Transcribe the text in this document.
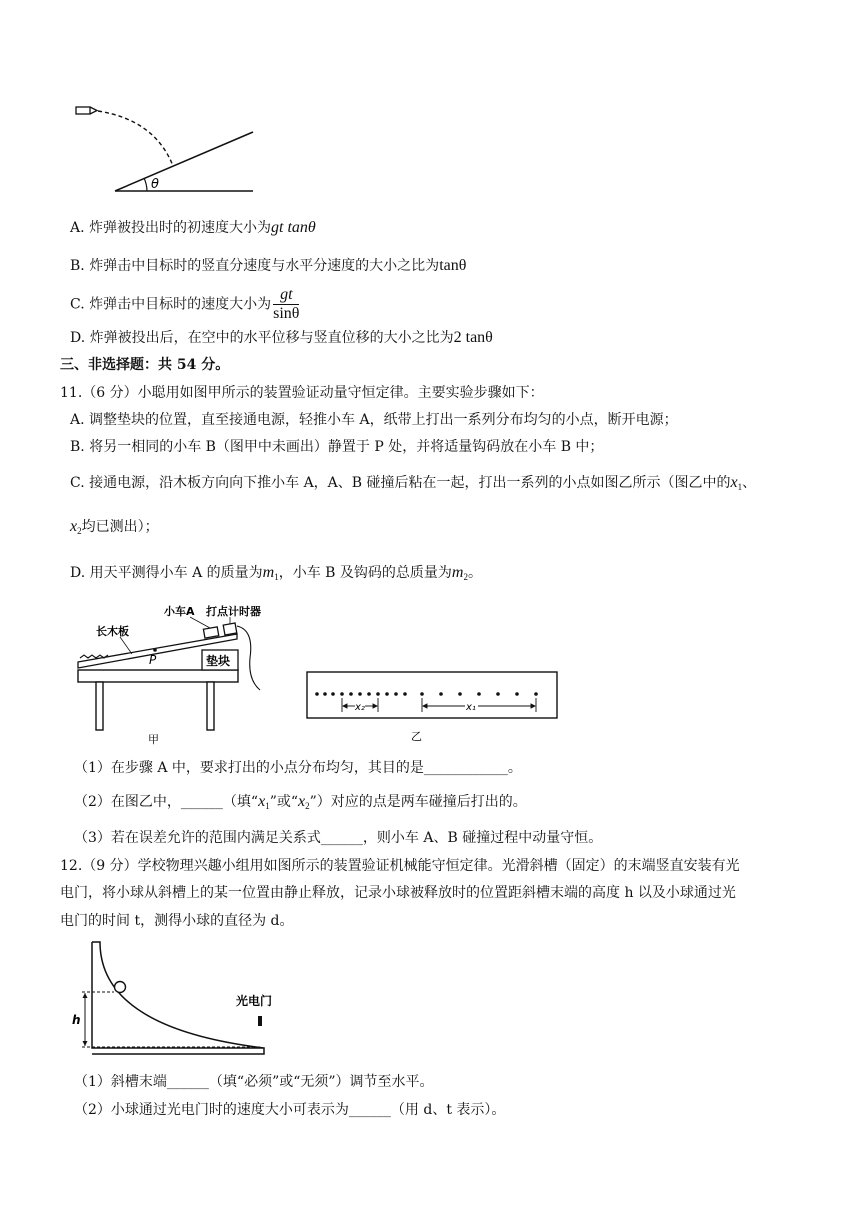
θ
A. 炸弹被投出时的初速度大小为gt tanθ
B. 炸弹击中目标时的竖直分速度与水平分速度的大小之比为tanθ
C. 炸弹击中目标时的速度大小为 $\frac{gt}{\sin\theta}$
D. 炸弹被投出后，在空中的水平位移与竖直位移的大小之比为2 tanθ
三、非选择题：共 54 分。
11.（6 分）小聪用如图甲所示的装置验证动量守恒定律。主要实验步骤如下：
A. 调整垫块的位置，直至接通电源，轻推小车 A，纸带上打出一系列分布均匀的小点，断开电源；
B. 将另一相同的小车 B（图甲中未画出）静置于 P 处，并将适量钩码放在小车 B 中；
C. 接通电源，沿木板方向向下推小车 A，A、B 碰撞后粘在一起，打出一系列的小点如图乙所示（图乙中的$x_1$、
$x_2$均已测出）；
D. 用天平测得小车 A 的质量为$m_1$，小车 B 及钩码的总质量为$m_2$。
垫块
P
小车A 打点计时器
长木板
甲
x₂	x₁
乙
（1）在步骤 A 中，要求打出的小点分布均匀，其目的是____________。
（2）在图乙中，______（填“$x_1$”或“$x_2$”）对应的点是两车碰撞后打出的。
（3）若在误差允许的范围内满足关系式______，则小车 A、B 碰撞过程中动量守恒。
12.（9 分）学校物理兴趣小组用如图所示的装置验证机械能守恒定律。光滑斜槽（固定）的末端竖直安装有光
电门，将小球从斜槽上的某一位置由静止释放，记录小球被释放时的位置距斜槽末端的高度 h 以及小球通过光
电门的时间 t，测得小球的直径为 d。
h
光电门
（1）斜槽末端______（填“必须”或“无须”）调节至水平。
（2）小球通过光电门时的速度大小可表示为______（用 d、t 表示）。
